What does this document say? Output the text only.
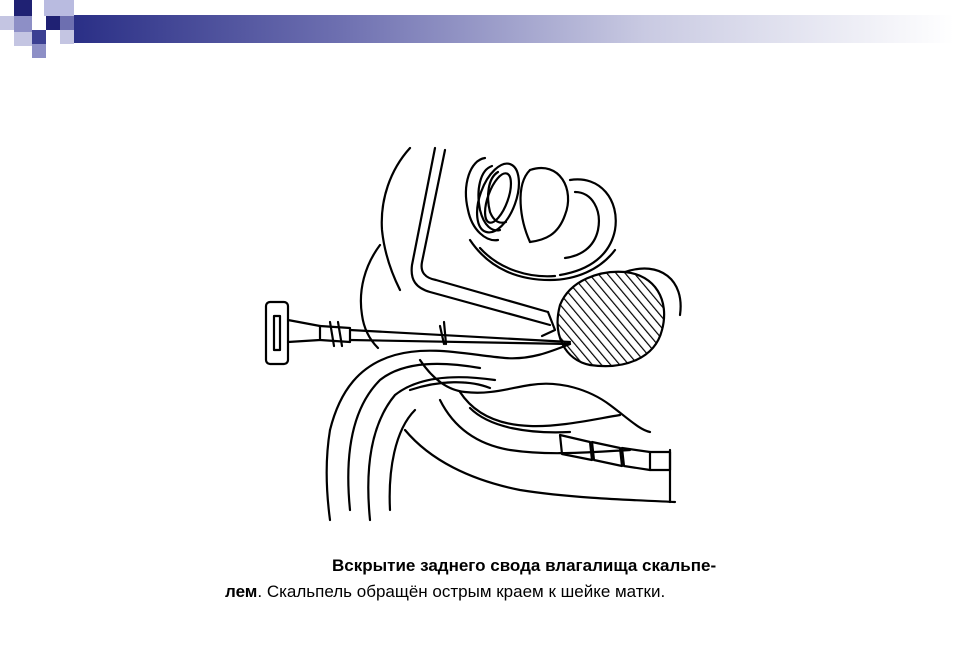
Вскрытие заднего свода влагалища скальпе-
лем. Скальпель обращён острым краем к шейке матки.
